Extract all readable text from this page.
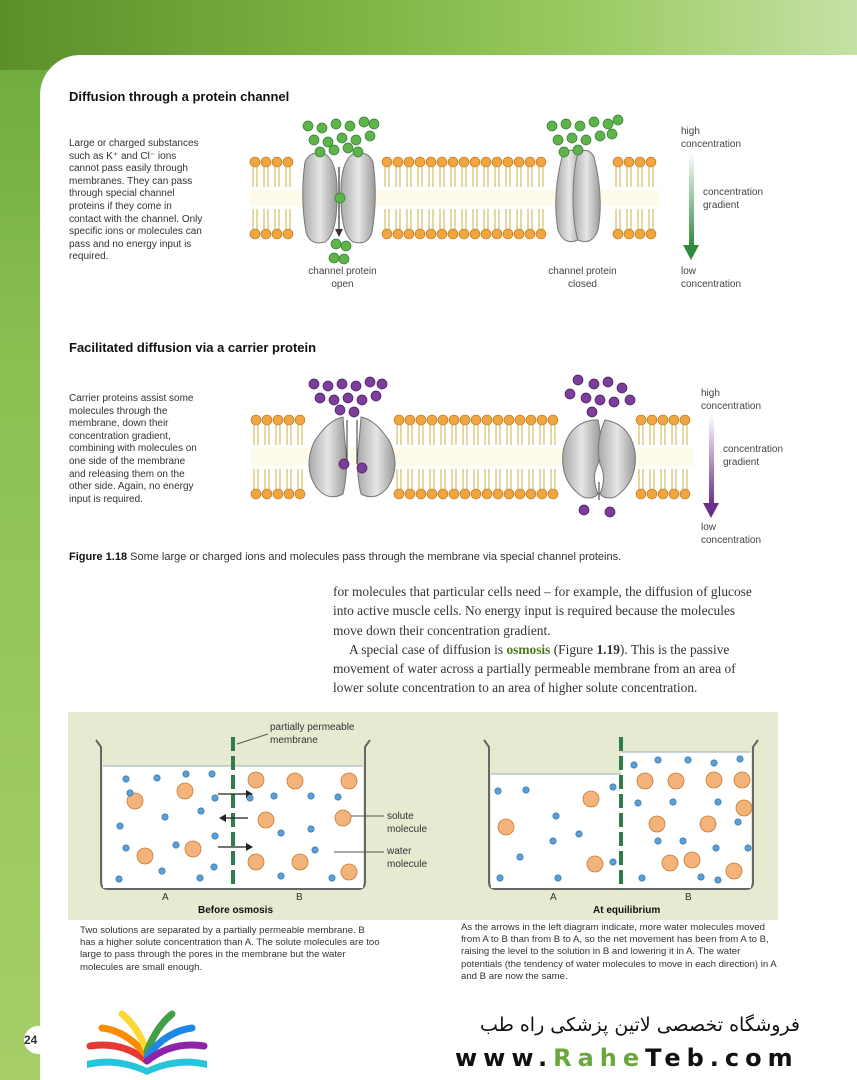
Diffusion through a protein channel
Large or charged substances such as K⁺ and Cl⁻ ions cannot pass easily through membranes. They can pass through special channel proteins if they come in contact with the channel. Only specific ions or molecules can pass and no energy input is required.
channel protein
open
channel protein
closed
high
concentration
concentration
gradient
low
concentration
Facilitated diffusion via a carrier protein
Carrier proteins assist some molecules through the membrane, down their concentration gradient, combining with molecules on one side of the membrane and releasing them on the other side. Again, no energy input is required.
high
concentration
concentration
gradient
low
concentration
Figure 1.18 Some large or charged ions and molecules pass through the membrane via special channel proteins.

for molecules that particular cells need – for example, the diffusion of glucose into active muscle cells. No energy input is required because the molecules move down their concentration gradient.

A special case of diffusion is osmosis (Figure 1.19). This is the passive movement of water across a partially permeable membrane from an area of lower solute concentration to an area of higher solute concentration.

partially permeable
membrane
solute
molecule
water
molecule
A	B	A	B
Before osmosis	At equilibrium
Two solutions are separated by a partially permeable membrane. B has a higher solute concentration than A. The solute molecules are too large to pass through the pores in the membrane but the water molecules are small enough.
As the arrows in the left diagram indicate, more water molecules moved from A to B than from B to A, so the net movement has been from A to B, raising the level to the solution in B and lowering it in A. The water potentials (the tendency of water molecules to move in each direction) in A and B are now the same.
24
فروشگاه تخصصی لاتین پزشکی راه طب
www.RaheTeb.com
